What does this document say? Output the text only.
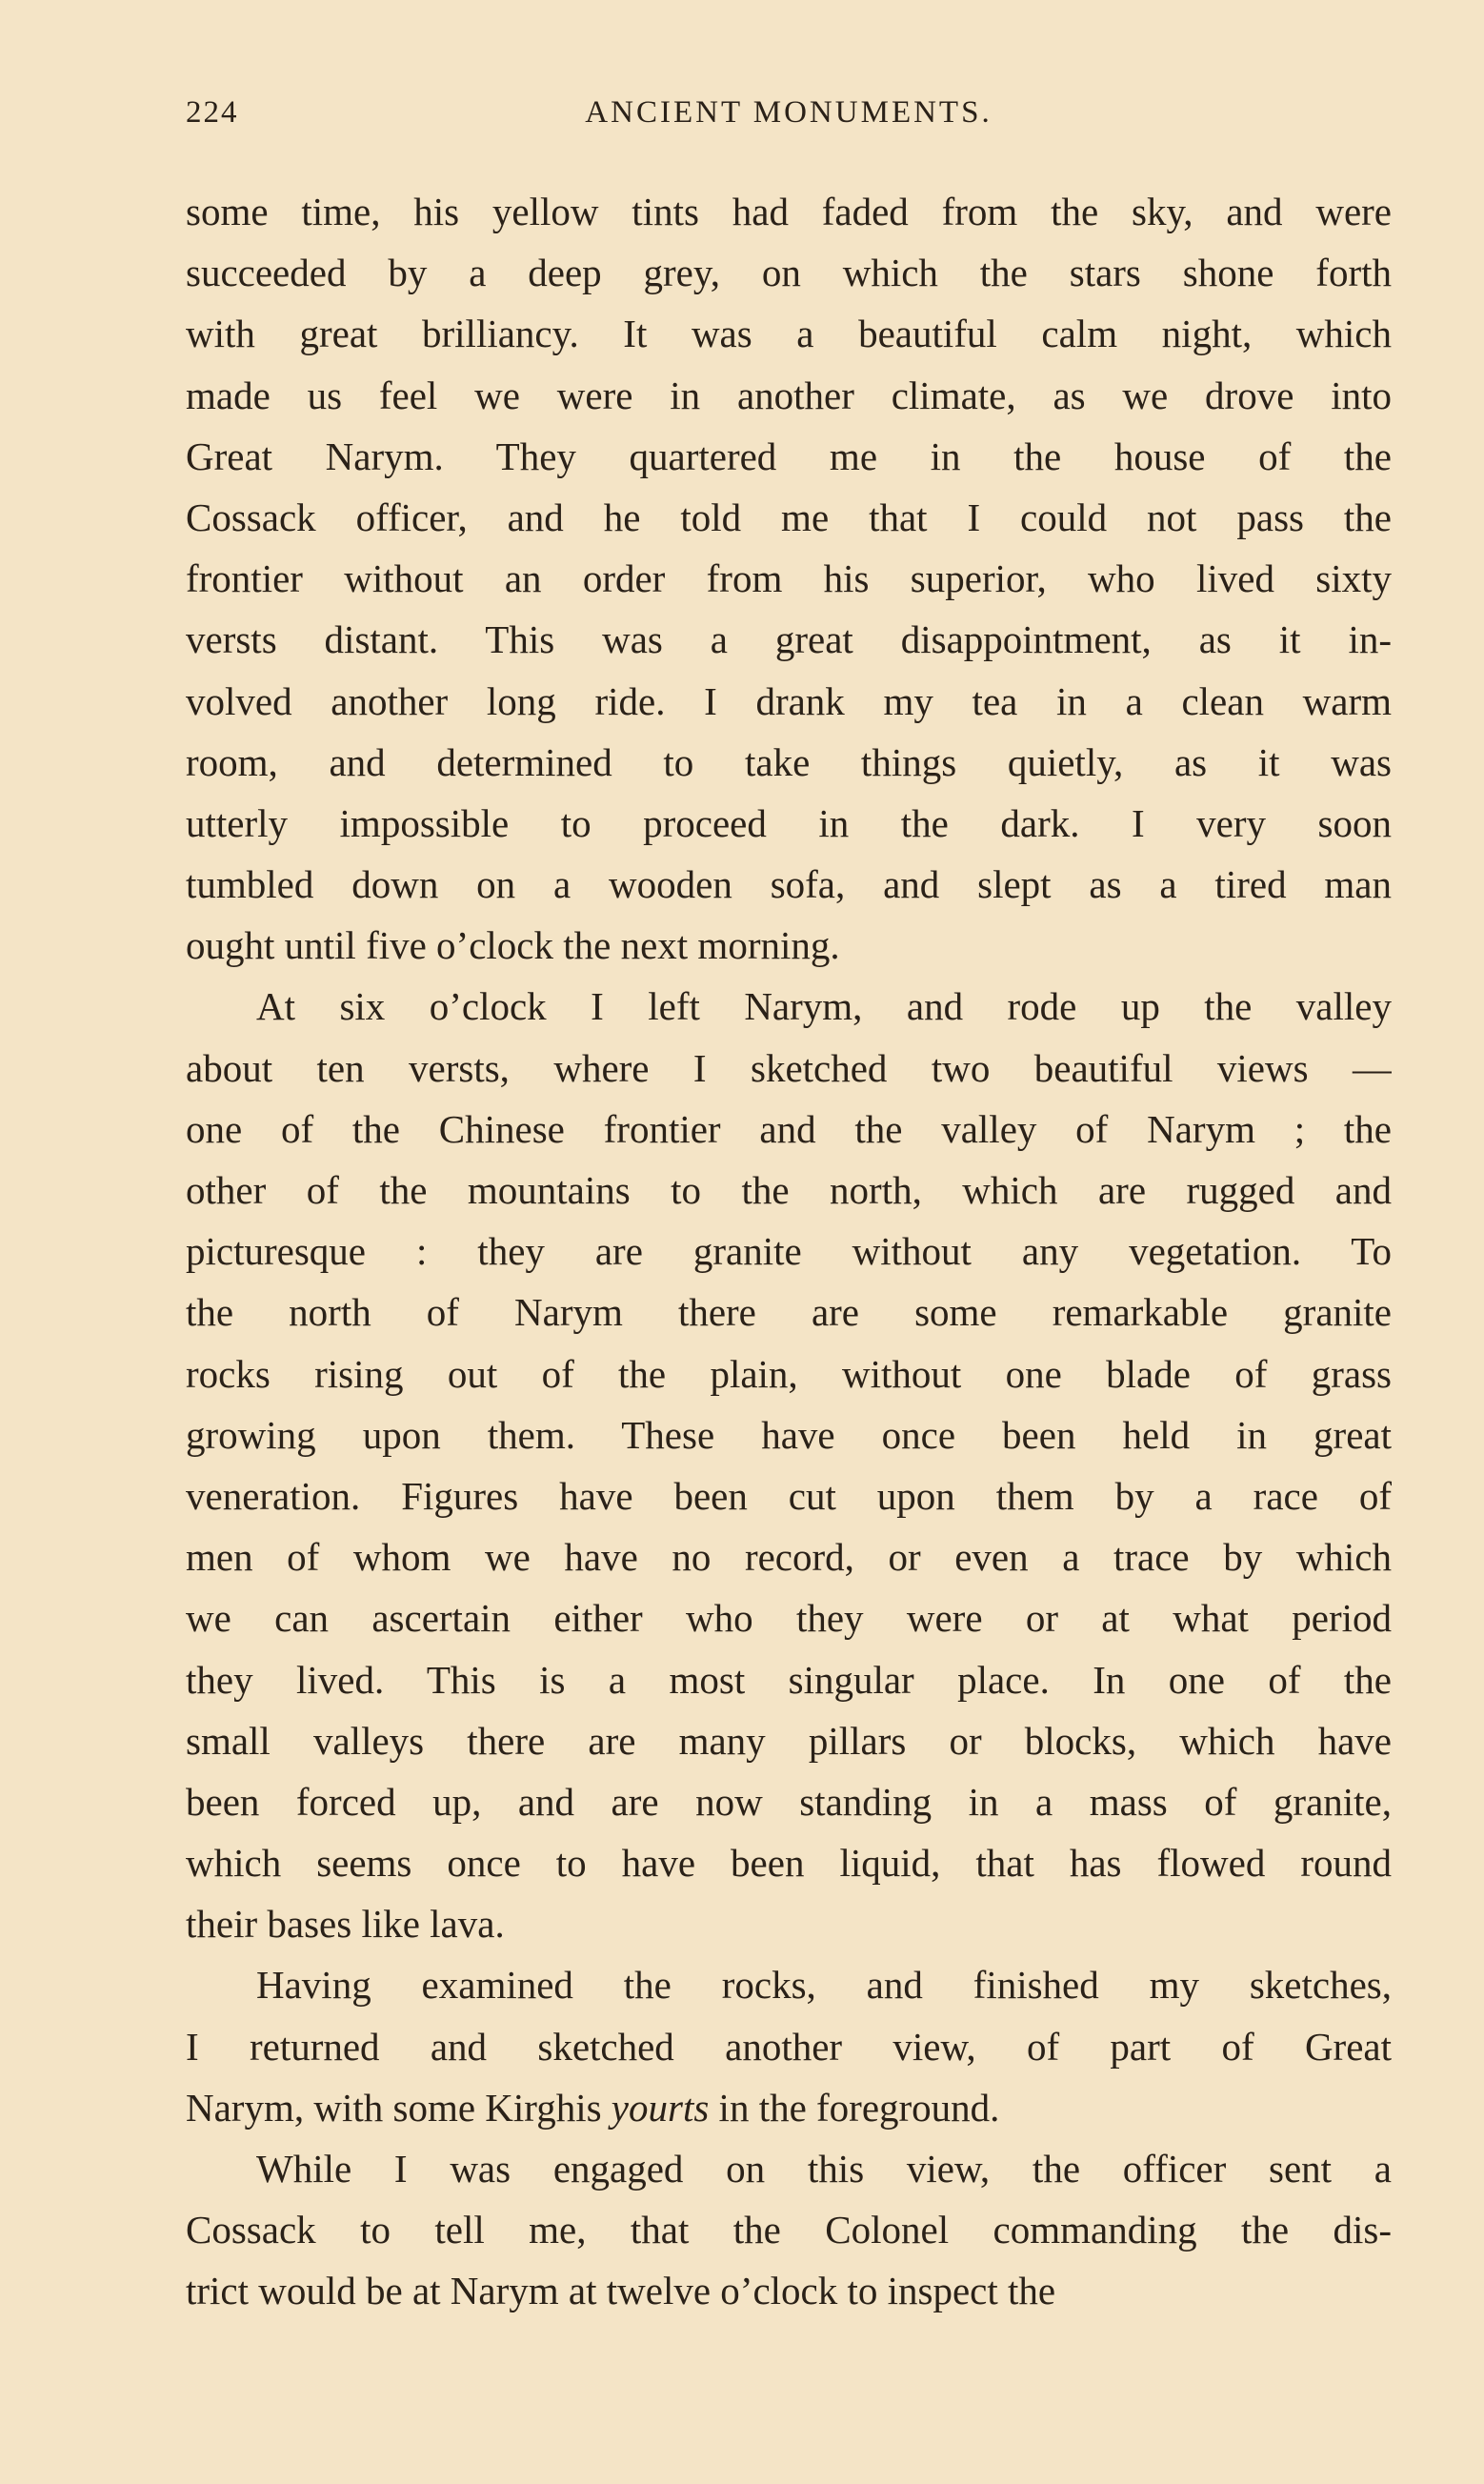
224	ANCIENT MONUMENTS.
some time, his yellow tints had faded from the sky, and were
succeeded by a deep grey, on which the stars shone forth
with great brilliancy. It was a beautiful calm night, which
made us feel we were in another climate, as we drove into
Great Narym. They quartered me in the house of the
Cossack officer, and he told me that I could not pass the
frontier without an order from his superior, who lived sixty
versts distant. This was a great disappointment, as it in-
volved another long ride. I drank my tea in a clean warm
room, and determined to take things quietly, as it was
utterly impossible to proceed in the dark. I very soon
tumbled down on a wooden sofa, and slept as a tired man
ought until five o’clock the next morning.
At six o’clock I left Narym, and rode up the valley
about ten versts, where I sketched two beautiful views —
one of the Chinese frontier and the valley of Narym ; the
other of the mountains to the north, which are rugged and
picturesque : they are granite without any vegetation. To
the north of Narym there are some remarkable granite
rocks rising out of the plain, without one blade of grass
growing upon them. These have once been held in great
veneration. Figures have been cut upon them by a race of
men of whom we have no record, or even a trace by which
we can ascertain either who they were or at what period
they lived. This is a most singular place. In one of the
small valleys there are many pillars or blocks, which have
been forced up, and are now standing in a mass of granite,
which seems once to have been liquid, that has flowed round
their bases like lava.
Having examined the rocks, and finished my sketches,
I returned and sketched another view, of part of Great
Narym, with some Kirghis yourts in the foreground.
While I was engaged on this view, the officer sent a
Cossack to tell me, that the Colonel commanding the dis-
trict would be at Narym at twelve o’clock to inspect the
